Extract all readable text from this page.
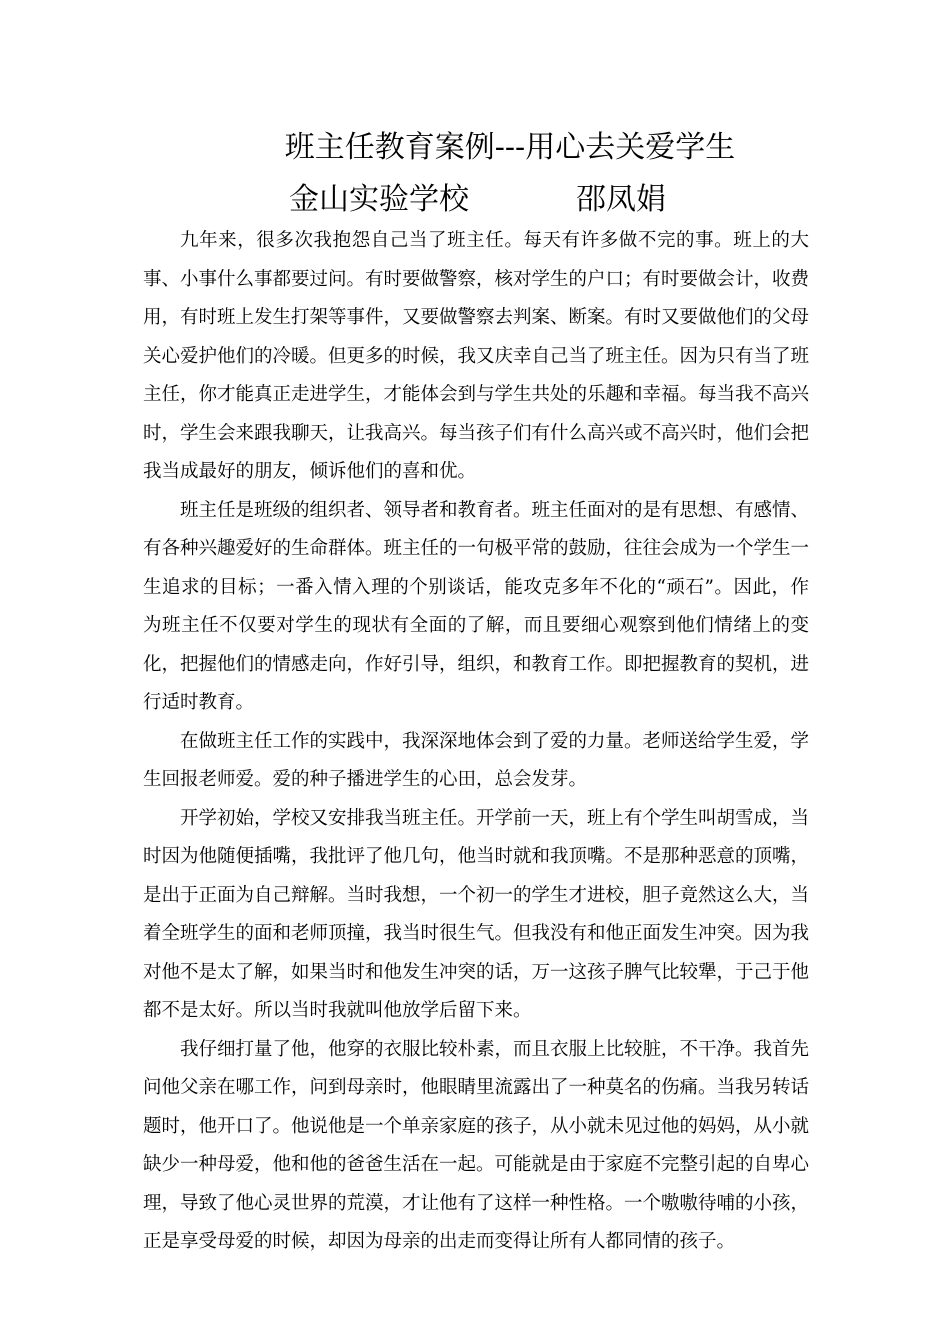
班主任教育案例---用心去关爱学生
金山实验学校	邵凤娟

九年来，很多次我抱怨自己当了班主任。每天有许多做不完的事。班上的大事、小事什么事都要过问。有时要做警察，核对学生的户口；有时要做会计，收费用，有时班上发生打架等事件，又要做警察去判案、断案。有时又要做他们的父母关心爱护他们的冷暖。但更多的时候，我又庆幸自己当了班主任。因为只有当了班主任，你才能真正走进学生，才能体会到与学生共处的乐趣和幸福。每当我不高兴时，学生会来跟我聊天，让我高兴。每当孩子们有什么高兴或不高兴时，他们会把我当成最好的朋友，倾诉他们的喜和优。

班主任是班级的组织者、领导者和教育者。班主任面对的是有思想、有感情、有各种兴趣爱好的生命群体。班主任的一句极平常的鼓励，往往会成为一个学生一生追求的目标；一番入情入理的个别谈话，能攻克多年不化的“顽石”。因此，作为班主任不仅要对学生的现状有全面的了解，而且要细心观察到他们情绪上的变化，把握他们的情感走向，作好引导，组织，和教育工作。即把握教育的契机，进行适时教育。

在做班主任工作的实践中，我深深地体会到了爱的力量。老师送给学生爱，学生回报老师爱。爱的种子播进学生的心田，总会发芽。

开学初始，学校又安排我当班主任。开学前一天，班上有个学生叫胡雪成，当时因为他随便插嘴，我批评了他几句，他当时就和我顶嘴。不是那种恶意的顶嘴，是出于正面为自己辩解。当时我想，一个初一的学生才进校，胆子竟然这么大，当着全班学生的面和老师顶撞，我当时很生气。但我没有和他正面发生冲突。因为我对他不是太了解，如果当时和他发生冲突的话，万一这孩子脾气比较犟，于己于他都不是太好。所以当时我就叫他放学后留下来。

我仔细打量了他，他穿的衣服比较朴素，而且衣服上比较脏，不干净。我首先问他父亲在哪工作，问到母亲时，他眼睛里流露出了一种莫名的伤痛。当我另转话题时，他开口了。他说他是一个单亲家庭的孩子，从小就未见过他的妈妈，从小就缺少一种母爱，他和他的爸爸生活在一起。可能就是由于家庭不完整引起的自卑心理，导致了他心灵世界的荒漠，才让他有了这样一种性格。一个嗷嗷待哺的小孩，正是享受母爱的时候，却因为母亲的出走而变得让所有人都同情的孩子。
